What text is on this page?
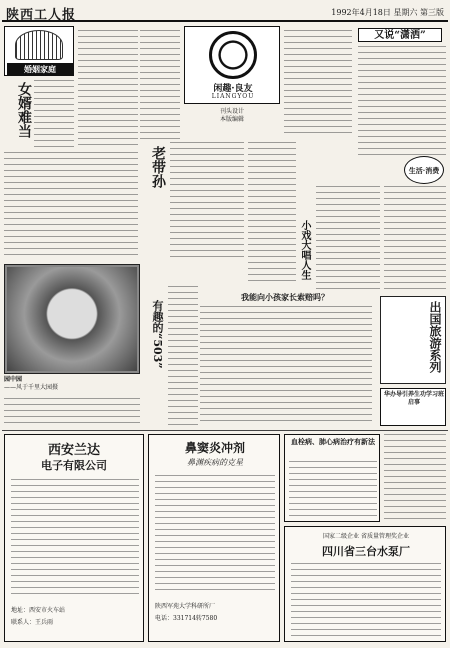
陕西工人报	1992年4月18日 星期六 第三版
婚姻家庭
女婿难当	闲趣·良友
LIANGYOU
刊头设计
本版编辑
老带孙
小戏大唱人生
又说“潇洒”
生活·消费
园中园
——风于千里大园摄
有趣的“503”
我能向小孩家长索赔吗？
出国旅游系列
华办导引养生功学习班启事
西安兰达
电子有限公司
地址：西安市火车站
联系人：王兵雨
鼻窦炎冲剂
鼻渊疾病的克星
陕西军苑大学科研所厂
电话：331714转7580
血栓病、肺心病治疗有新法
国家二级企业 省质量管理奖企业
四川省三台水泵厂
